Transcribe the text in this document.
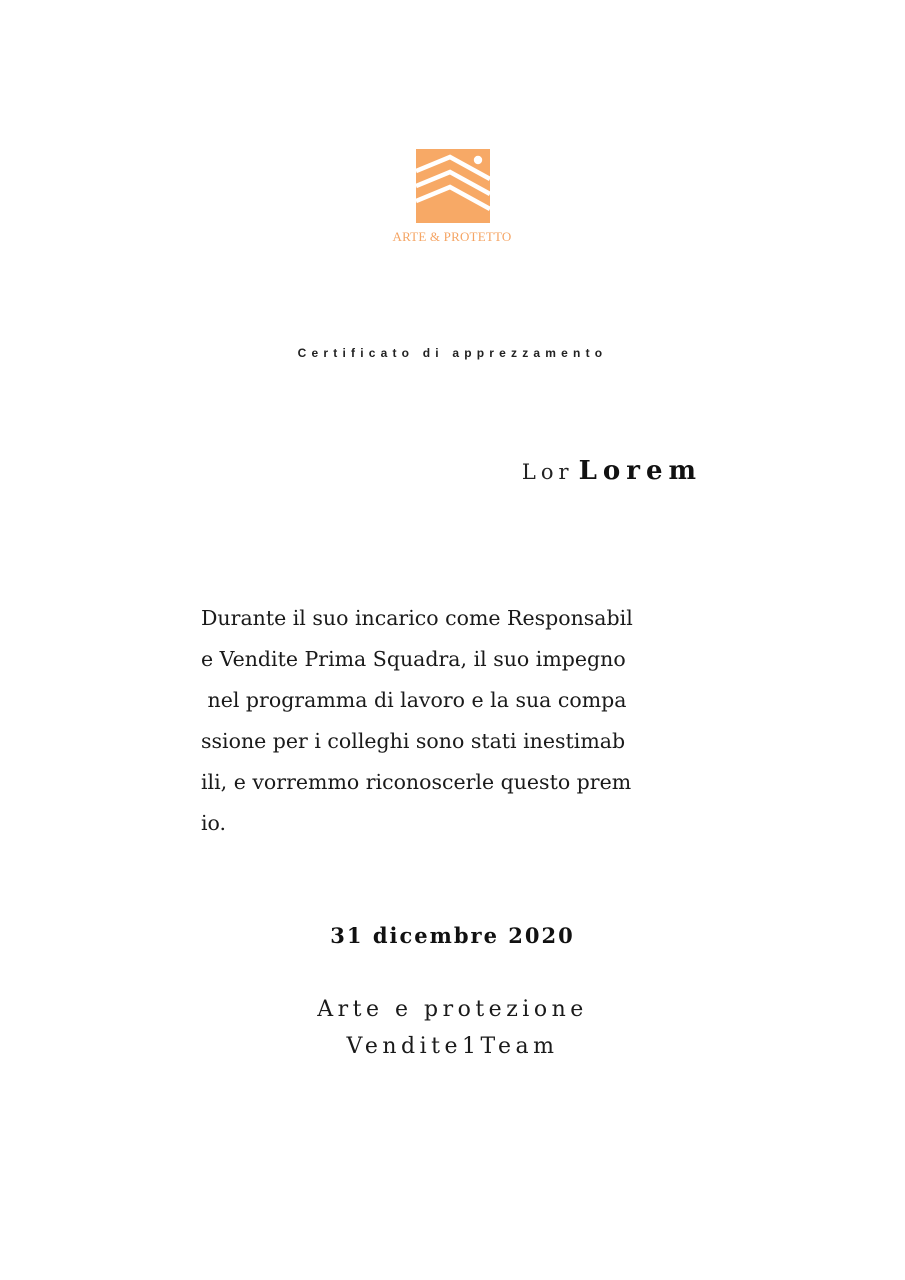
ARTE & PROTETTO
Certificato di apprezzamento
Lor Lorem
Durante il suo incarico come Responsabil
e Vendite Prima Squadra, il suo impegno
nel programma di lavoro e la sua compa
ssione per i colleghi sono stati inestimab
ili, e vorremmo riconoscerle questo prem
io.
31 dicembre 2020
Arte e protezione
Vendite1Team
